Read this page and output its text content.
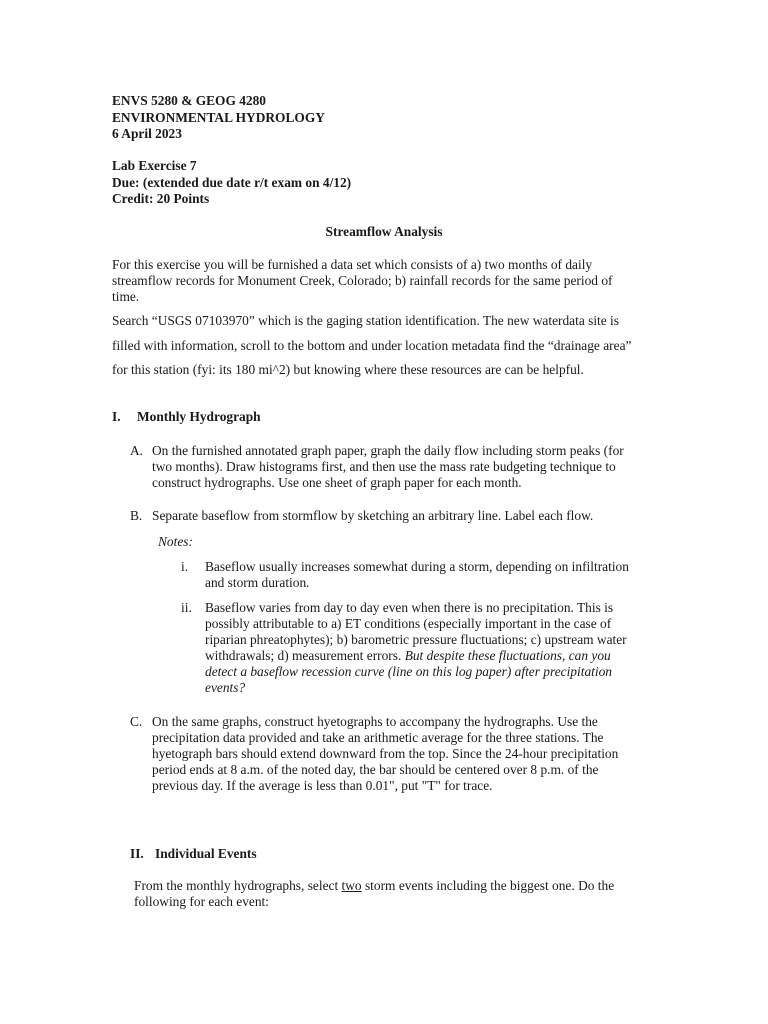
ENVS 5280 & GEOG 4280
ENVIRONMENTAL HYDROLOGY
6 April 2023
Lab Exercise 7
Due: (extended due date r/t exam on 4/12)
Credit: 20 Points
Streamflow Analysis
For this exercise you will be furnished a data set which consists of a) two months of daily streamflow records for Monument Creek, Colorado; b) rainfall records for the same period of time.
Search “USGS 07103970” which is the gaging station identification. The new waterdata site is filled with information, scroll to the bottom and under location metadata find the “drainage area” for this station (fyi: its 180 mi^2) but knowing where these resources are can be helpful.
I. Monthly Hydrograph
A. On the furnished annotated graph paper, graph the daily flow including storm peaks (for two months). Draw histograms first, and then use the mass rate budgeting technique to construct hydrographs. Use one sheet of graph paper for each month.
B. Separate baseflow from stormflow by sketching an arbitrary line. Label each flow.
Notes:
i. Baseflow usually increases somewhat during a storm, depending on infiltration and storm duration.
ii. Baseflow varies from day to day even when there is no precipitation. This is possibly attributable to a) ET conditions (especially important in the case of riparian phreatophytes); b) barometric pressure fluctuations; c) upstream water withdrawals; d) measurement errors. But despite these fluctuations, can you detect a baseflow recession curve (line on this log paper) after precipitation events?
C. On the same graphs, construct hyetographs to accompany the hydrographs. Use the precipitation data provided and take an arithmetic average for the three stations. The hyetograph bars should extend downward from the top. Since the 24-hour precipitation period ends at 8 a.m. of the noted day, the bar should be centered over 8 p.m. of the previous day. If the average is less than 0.01", put "T" for trace.
II. Individual Events
From the monthly hydrographs, select two storm events including the biggest one. Do the following for each event:
